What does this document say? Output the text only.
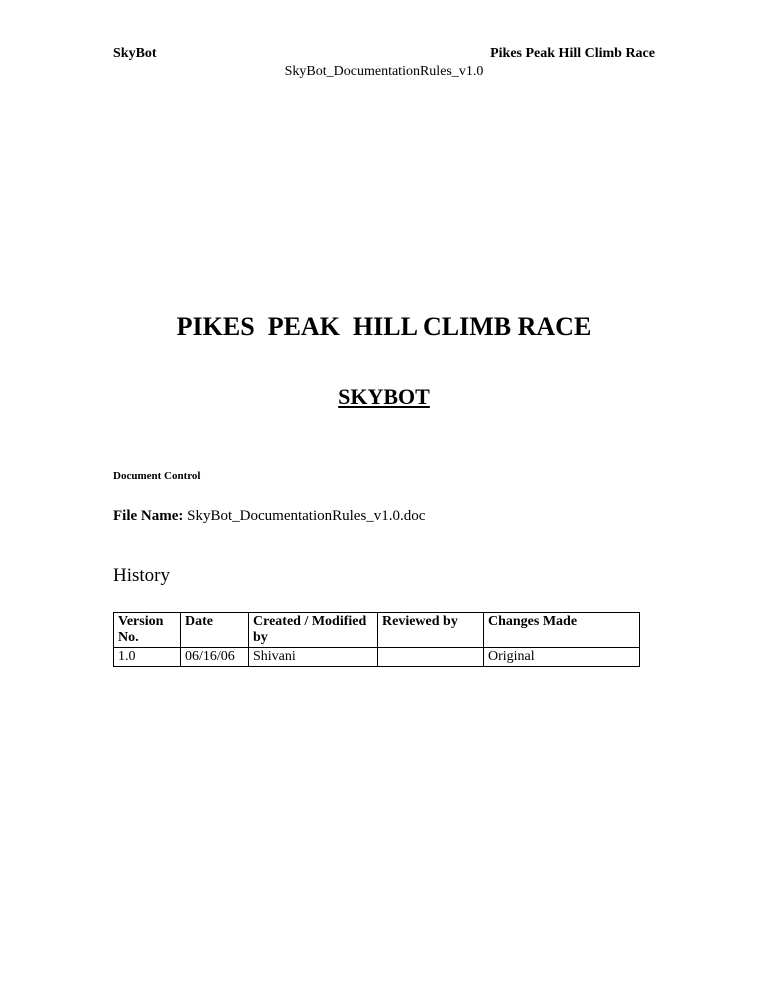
SkyBot	Pikes Peak Hill Climb Race
SkyBot_DocumentationRules_v1.0
PIKES  PEAK  HILL CLIMB RACE
SKYBOT
Document Control
File Name: SkyBot_DocumentationRules_v1.0.doc
History
Version No.	Date	Created / Modified by	Reviewed by	Changes Made
1.0	06/16/06	Shivani		Original
